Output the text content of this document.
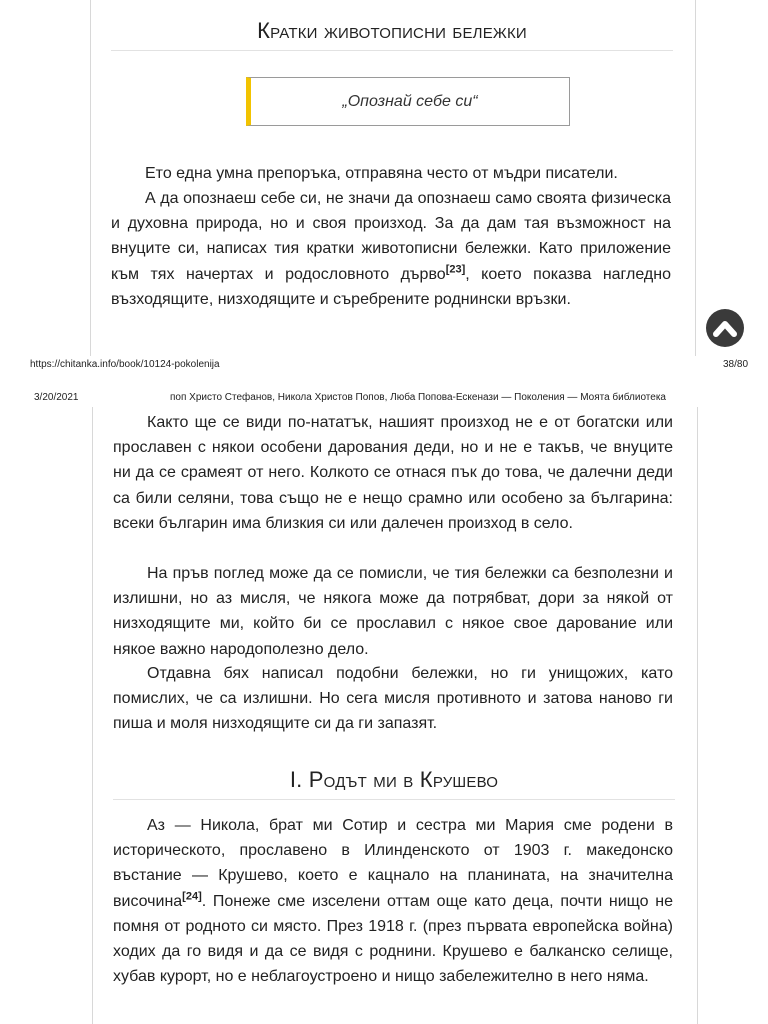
Кратки животописни бележки
„Опознай себе си“

Ето една умна препоръка, отправяна често от мъдри писатели.

А да опознаеш себе си, не значи да опознаеш само своята физическа и духовна природа, но и своя произход. За да дам тая възможност на внуците си, написах тия кратки животописни бележки. Като приложение към тях начертах и родословното дърво[23], което показва нагледно възходящите, низходящите и съребрените роднински връзки.

https://chitanka.info/book/10124-pokolenija	38/80
3/20/2021	поп Христо Стефанов, Никола Христов Попов, Люба Попова-Ескенази — Поколения — Моята библиотека

Както ще се види по-нататък, нашият произход не е от богатски или прославен с някои особени дарования деди, но и не е такъв, че внуците ни да се срамеят от него. Колкото се отнася пък до това, че далечни деди са били селяни, това също не е нещо срамно или особено за българина: всеки българин има близкия си или далечен произход в село.

На пръв поглед може да се помисли, че тия бележки са безполезни и излишни, но аз мисля, че някога може да потрябват, дори за някой от низходящите ми, който би се прославил с някое свое дарование или някое важно народополезно дело.

Отдавна бях написал подобни бележки, но ги унищожих, като помислих, че са излишни. Но сега мисля противното и затова наново ги пиша и моля низходящите си да ги запазят.

I. Родът ми в Крушево

Аз — Никола, брат ми Сотир и сестра ми Мария сме родени в историческото, прославено в Илинденското от 1903 г. македонско въстание — Крушево, което е кацнало на планината, на значителна височина[24]. Понеже сме изселени оттам още като деца, почти нищо не помня от родното си място. През 1918 г. (през първата европейска война) ходих да го видя и да се видя с роднини. Крушево е балканско селище, хубав курорт, но е неблагоустроено и нищо забележително в него няма.
